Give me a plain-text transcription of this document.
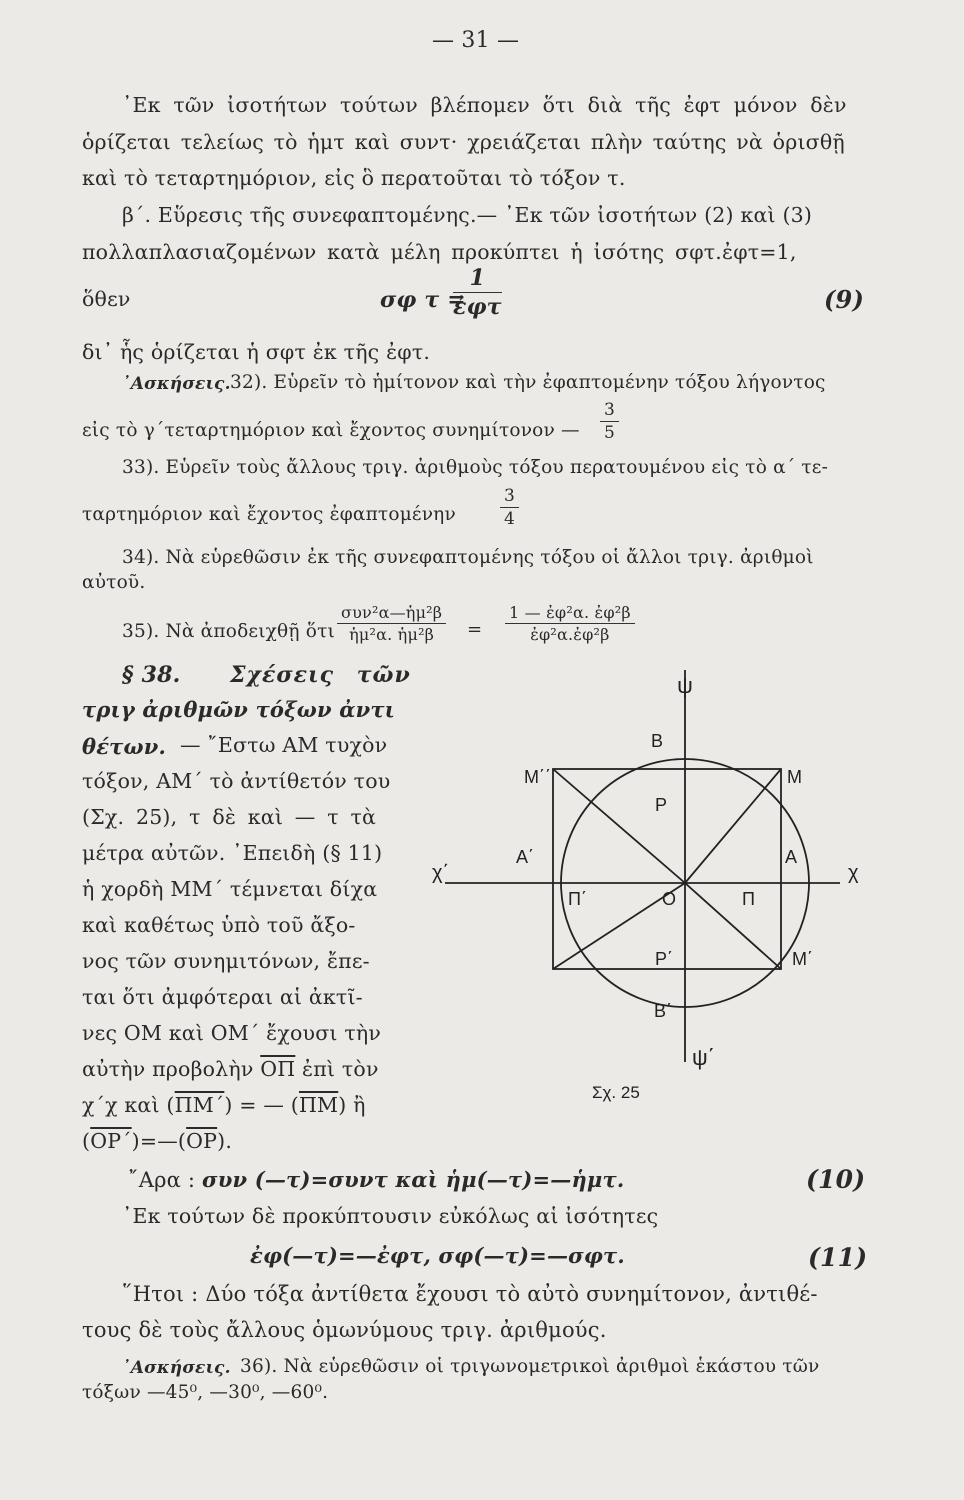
— 31 —
᾿Εκ τῶν ἰσοτήτων τούτων βλέπομεν ὅτι διὰ τῆς ἐφτ μόνον δὲν
ὁρίζεται τελείως τὸ ἡμτ καὶ συντ· χρειάζεται πλὴν ταύτης νὰ ὁρισθῇ
καὶ τὸ τεταρτημόριον, εἰς ὃ περατοῦται τὸ τόξον τ.
β΄. Εὕρεσις τῆς συνεφαπτομένης.— ᾿Εκ τῶν ἰσοτήτων (2) καὶ (3)
πολλαπλασιαζομένων κατὰ μέλη προκύπτει ἡ ἰσότης σφτ.ἐφτ=1,
ὅθεν	σφ τ =
1
ἐφτ	(9)
δι᾿ ἧς ὁρίζεται ἡ σφτ ἐκ τῆς ἐφτ.
᾿Ασκήσεις. 32). Εὑρεῖν τὸ ἡμίτονον καὶ τὴν ἐφαπτομένην τόξου λήγοντος
εἰς τὸ γ΄τεταρτημόριον καὶ ἔχοντος συνημίτονον — $\frac{3}{5}$
33). Εὑρεῖν τοὺς ἄλλους τριγ. ἀριθμοὺς τόξου περατουμένου εἰς τὸ α΄ τε-
ταρτημόριον καὶ ἔχοντος ἐφαπτομένην	$\frac{3}{4}$
34). Νὰ εὑρεθῶσιν ἐκ τῆς συνεφαπτομένης τόξου οἱ ἄλλοι τριγ. ἀριθμοὶ
αὐτοῦ.
35). Νὰ ἀποδειχθῇ ὅτι
συν²α—ἡμ²β
ἡμ²α. ἡμ²β	= $\frac{\text{1 — ἐφ²α. ἐφ²β}}{\text{ἐφ²α.ἐφ²β}}$
§ 38. Σχέσεις τῶν
τριγ ἀριθμῶν τόξων ἀντι
θέτων. — ῎Εστω ΑΜ τυχὸν
τόξον, ΑΜ΄ τὸ ἀντίθετόν του
(Σχ. 25), τ δὲ καὶ — τ τὰ
μέτρα αὐτῶν. ᾿Επειδὴ (§ 11)
ἡ χορδὴ ΜΜ΄ τέμνεται δίχα
καὶ καθέτως ὑπὸ τοῦ ἄξο-
νος τῶν συνημιτόνων, ἔπε-
ται ὅτι ἀμφότεραι αἱ ἀκτῖ-
νες ΟΜ καὶ ΟΜ΄ ἔχουσι τὴν
αὐτὴν προβολὴν $\overline{O\Pi}$ ἐπὶ τὸν
χ΄χ καὶ $(\overline{\Pi M΄})$ = — $(\overline{\Pi M})$ ἢ
$(\overline{OP΄})=—(\overline{OP})$.
ψ
Β
Μ΄΄	Μ
Ρ
Α΄	Α
χ΄	χ
Π΄	Ο	Π
Ρ΄	Μ΄
Β΄
ψ΄
Σχ. 25
῎Αρα : συν (—τ)=συντ καὶ ἡμ(—τ)=—ἡμτ.	(10)
᾿Εκ τούτων δὲ προκύπτουσιν εὐκόλως αἱ ἰσότητες
ἐφ(—τ)=—ἐφτ, σφ(—τ)=—σφτ.	(11)
῞Ητοι : Δύο τόξα ἀντίθετα ἔχουσι τὸ αὐτὸ συνημίτονον, ἀντιθέ-
τους δὲ τοὺς ἄλλους ὁμωνύμους τριγ. ἀριθμούς.
᾿Ασκήσεις. 36). Νὰ εὑρεθῶσιν οἱ τριγωνομετρικοὶ ἀριθμοὶ ἑκάστου τῶν
τόξων —45⁰, —30⁰, —60⁰.
